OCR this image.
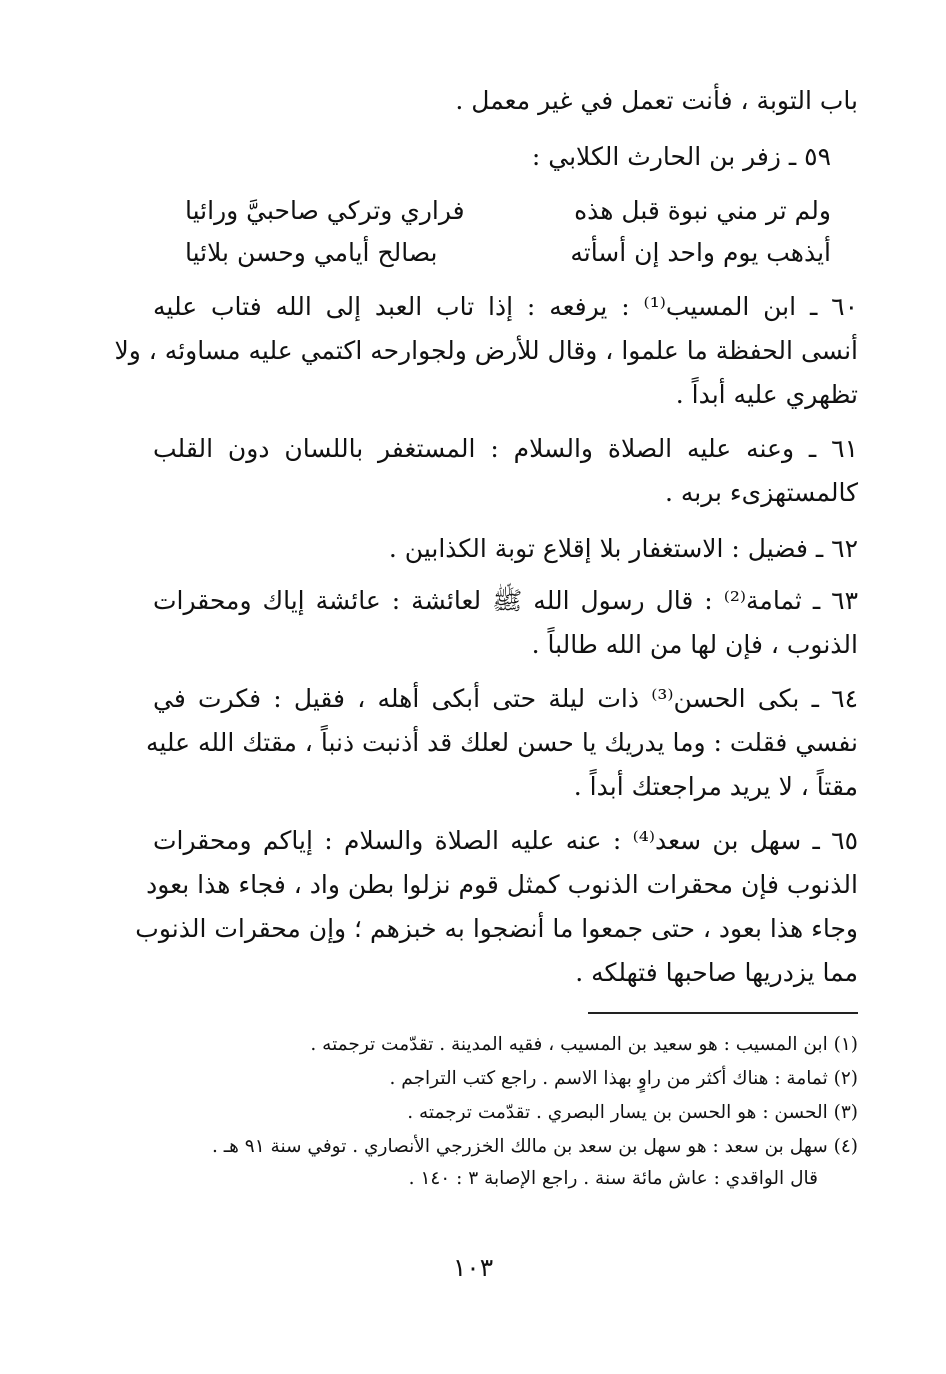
باب التوبة ، فأنت تعمل في غير معمل .
٥٩ ـ زفر بن الحارث الكلابي :
ولم تر مني نبوة قبل هذه
فراري وتركي صاحبيَّ ورائيا
أيذهب يوم واحد إن أسأته
بصالح أيامي وحسن بلائيا
٦٠ ـ ابن المسيب⁽¹⁾ : يرفعه : إذا تاب العبد إلى الله فتاب عليه
أنسى الحفظة ما علموا ، وقال للأرض ولجوارحه اكتمي عليه مساوئه ، ولا
تظهري عليه أبداً .
٦١ ـ وعنه عليه الصلاة والسلام : المستغفر باللسان دون القلب
كالمستهزىء بربه .
٦٢ ـ فضيل : الاستغفار بلا إقلاع توبة الكذابين .
٦٣ ـ ثمامة⁽²⁾ : قال رسول الله ﷺ لعائشة : عائشة إياك ومحقرات
الذنوب ، فإن لها من الله طالباً .
٦٤ ـ بكى الحسن⁽³⁾ ذات ليلة حتى أبكى أهله ، فقيل : فكرت في
نفسي فقلت : وما يدريك يا حسن لعلك قد أذنبت ذنباً ، مقتك الله عليه
مقتاً ، لا يريد مراجعتك أبداً .
٦٥ ـ سهل بن سعد⁽⁴⁾ : عنه عليه الصلاة والسلام : إياكم ومحقرات
الذنوب فإن محقرات الذنوب كمثل قوم نزلوا بطن واد ، فجاء هذا بعود
وجاء هذا بعود ، حتى جمعوا ما أنضجوا به خبزهم ؛ وإن محقرات الذنوب
مما يزدريها صاحبها فتهلكه .
(١) ابن المسيب : هو سعيد بن المسيب ، فقيه المدينة . تقدّمت ترجمته .
(٢) ثمامة : هناك أكثر من راوٍ بهذا الاسم . راجع كتب التراجم .
(٣) الحسن : هو الحسن بن يسار البصري . تقدّمت ترجمته .
(٤) سهل بن سعد : هو سهل بن سعد بن مالك الخزرجي الأنصاري . توفي سنة ٩١ هـ .
قال الواقدي : عاش مائة سنة . راجع الإصابة ٣ : ١٤٠ .
١٠٣
